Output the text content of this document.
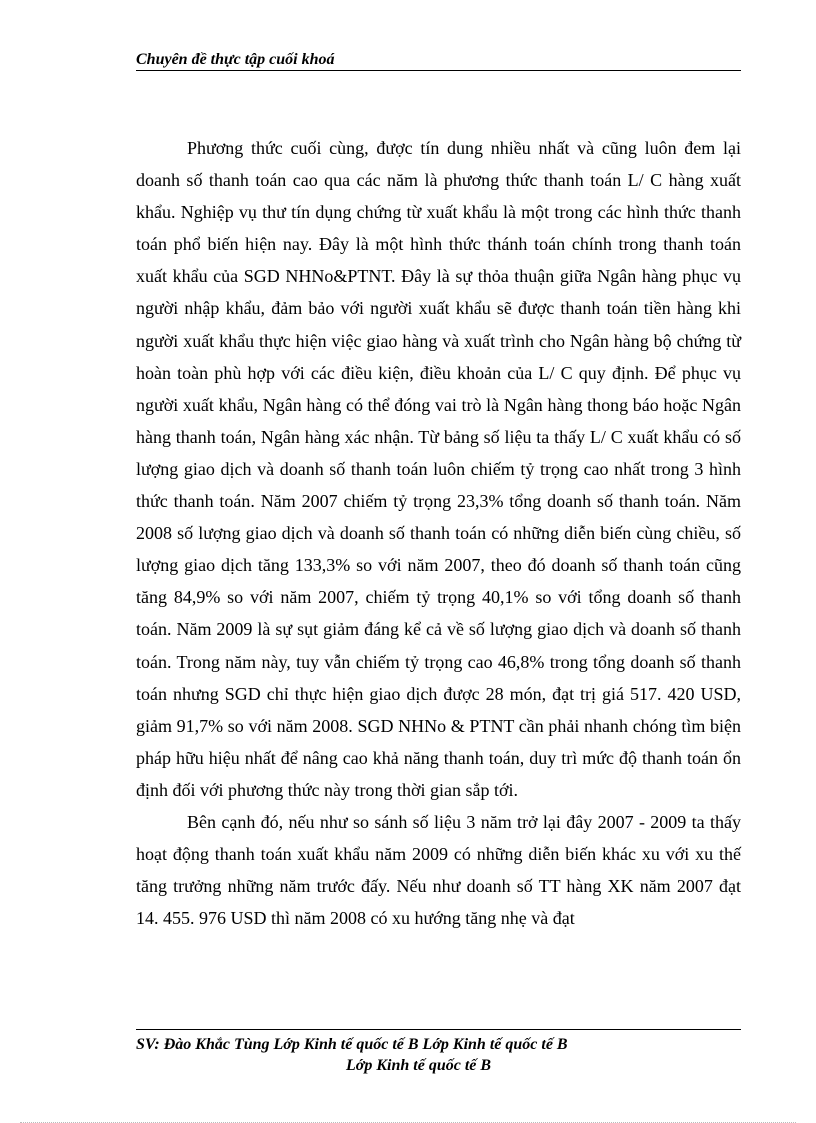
Chuyên đề thực tập cuối khoá

Phương thức cuối cùng, được tín dung nhiều nhất và cũng luôn đem lại doanh số thanh toán cao qua các năm là phương thức thanh toán L/ C hàng xuất khẩu. Nghiệp vụ thư tín dụng chứng từ xuất khẩu là một trong các hình thức thanh toán phổ biến hiện nay. Đây là một hình thức thánh toán chính trong thanh toán xuất khẩu của SGD NHNo&PTNT. Đây là sự thỏa thuận giữa Ngân hàng phục vụ người nhập khẩu, đảm bảo với người xuất khẩu sẽ được thanh toán tiền hàng khi người xuất khẩu thực hiện việc giao hàng và xuất trình cho Ngân hàng bộ chứng từ hoàn toàn phù hợp với các điều kiện, điều khoản của L/ C quy định. Để phục vụ người xuất khẩu, Ngân hàng có thể đóng vai trò là Ngân hàng thong báo hoặc Ngân hàng thanh toán, Ngân hàng xác nhận. Từ bảng số liệu ta thấy L/ C xuất khẩu có số lượng giao dịch và doanh số thanh toán luôn chiếm tỷ trọng cao nhất trong 3 hình thức thanh toán. Năm 2007 chiếm tỷ trọng 23,3% tổng doanh số thanh toán. Năm 2008 số lượng giao dịch và doanh số thanh toán có những diễn biến cùng chiều, số lượng giao dịch tăng 133,3% so với năm 2007, theo đó doanh số thanh toán cũng tăng 84,9% so với năm 2007, chiếm tỷ trọng 40,1% so với tổng doanh số thanh toán. Năm 2009 là sự sụt giảm đáng kể cả về số lượng giao dịch và doanh số thanh toán. Trong năm này, tuy vẫn chiếm tỷ trọng cao 46,8% trong tổng doanh số thanh toán nhưng SGD chỉ thực hiện giao dịch được 28 món, đạt trị giá 517. 420 USD, giảm 91,7% so với năm 2008. SGD NHNo & PTNT cần phải nhanh chóng tìm biện pháp hữu hiệu nhất để nâng cao khả năng thanh toán, duy trì mức độ thanh toán ổn định đối với phương thức này trong thời gian sắp tới.

Bên cạnh đó, nếu như so sánh số liệu 3 năm trở lại đây 2007 - 2009 ta thấy hoạt động thanh toán xuất khẩu năm 2009 có những diễn biến khác xu với xu thế tăng trưởng những năm trước đấy. Nếu như doanh số TT hàng XK năm 2007 đạt 14. 455. 976 USD thì năm 2008 có xu hướng tăng nhẹ và đạt

SV: Đào Khắc Tùng Lớp Kinh tế quốc tế B Lớp Kinh tế quốc tế B
Lớp Kinh tế quốc tế B
